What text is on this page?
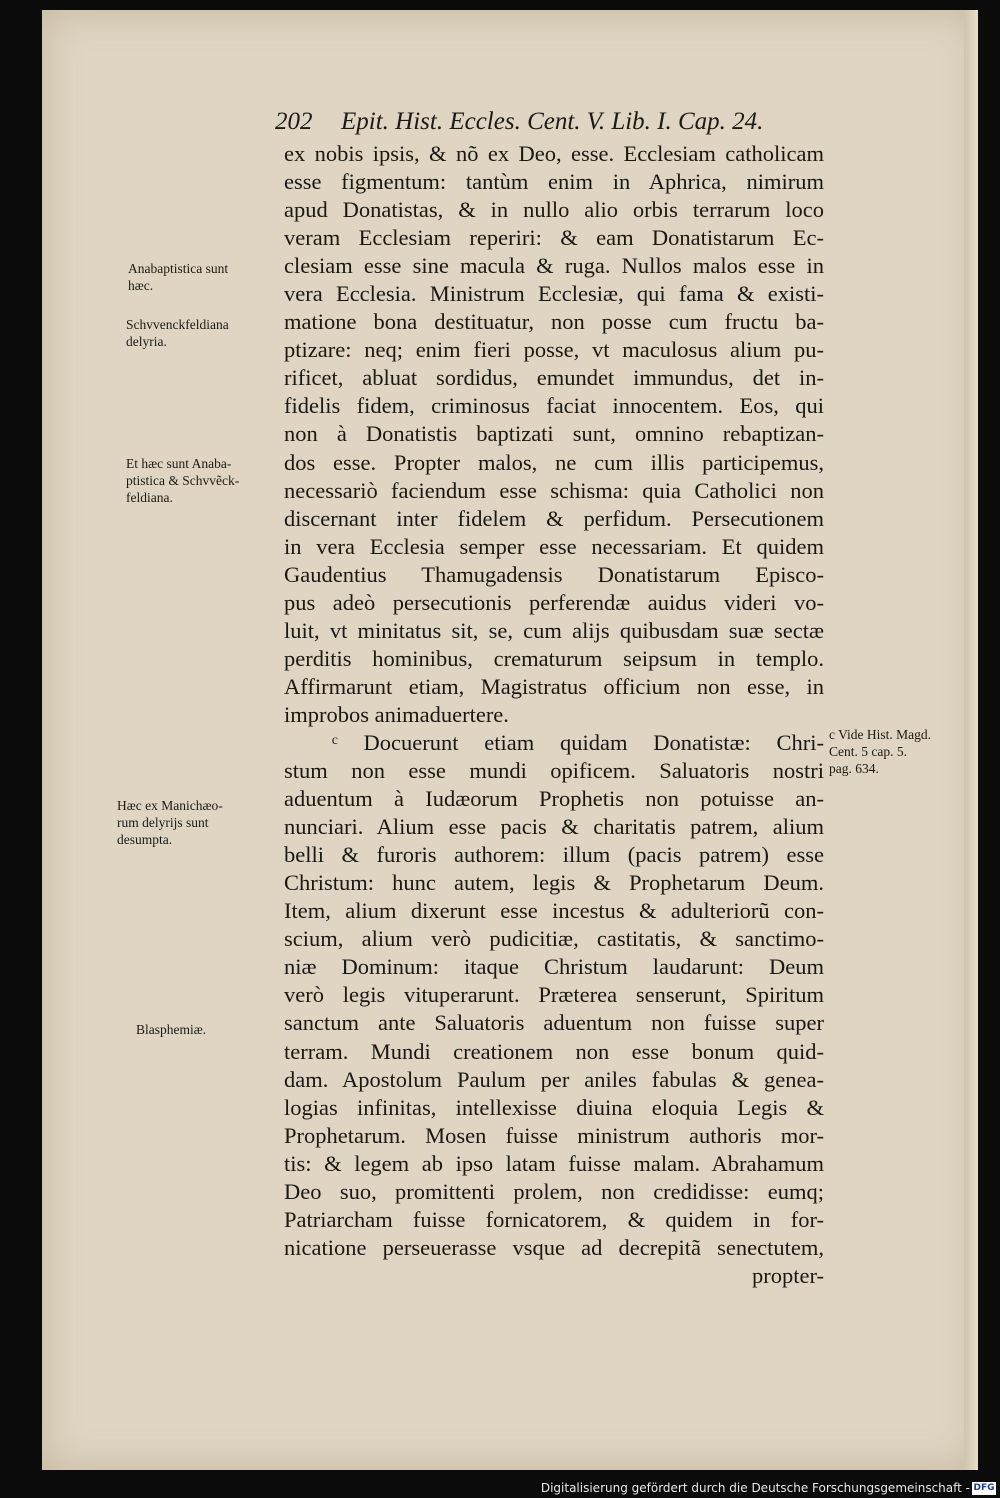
202 Epit. Hist. Eccles. Cent. V. Lib. I. Cap. 24.
ex nobis ipsis, & nõ ex Deo, esse. Ecclesiam catholicam
esse figmentum: tantùm enim in Aphrica, nimirum
apud Donatistas, & in nullo alio orbis terrarum loco
veram Ecclesiam reperiri: & eam Donatistarum Ec-
clesiam esse sine macula & ruga. Nullos malos esse in
vera Ecclesia. Ministrum Ecclesiæ, qui fama & existi-
matione bona destituatur, non posse cum fructu ba-
ptizare: neq; enim fieri posse, vt maculosus alium pu-
rificet, abluat sordidus, emundet immundus, det in-
fidelis fidem, criminosus faciat innocentem. Eos, qui
non à Donatistis baptizati sunt, omnino rebaptizan-
dos esse. Propter malos, ne cum illis participemus,
necessariò faciendum esse schisma: quia Catholici non
discernant inter fidelem & perfidum. Persecutionem
in vera Ecclesia semper esse necessariam. Et quidem
Gaudentius Thamugadensis Donatistarum Episco-
pus adeò persecutionis perferendæ auidus videri vo-
luit, vt minitatus sit, se, cum alijs quibusdam suæ sectæ
perditis hominibus, crematurum seipsum in templo.
Affirmarunt etiam, Magistratus officium non esse, in
improbos animaduertere.
ᶜ Docuerunt etiam quidam Donatistæ: Chri-
stum non esse mundi opificem. Saluatoris nostri
aduentum à Iudæorum Prophetis non potuisse an-
nunciari. Alium esse pacis & charitatis patrem, alium
belli & furoris authorem: illum (pacis patrem) esse
Christum: hunc autem, legis & Prophetarum Deum.
Item, alium dixerunt esse incestus & adulteriorũ con-
scium, alium verò pudicitiæ, castitatis, & sanctimo-
niæ Dominum: itaque Christum laudarunt: Deum
verò legis vituperarunt. Præterea senserunt, Spiritum
sanctum ante Saluatoris aduentum non fuisse super
terram. Mundi creationem non esse bonum quid-
dam. Apostolum Paulum per aniles fabulas & genea-
logias infinitas, intellexisse diuina eloquia Legis &
Prophetarum. Mosen fuisse ministrum authoris mor-
tis: & legem ab ipso latam fuisse malam. Abrahamum
Deo suo, promittenti prolem, non credidisse: eumq;
Patriarcham fuisse fornicatorem, & quidem in for-
nicatione perseuerasse vsque ad decrepitã senectutem,
propter-
Anabaptistica sunt
hæc.
Schvvenckfeldiana
delyria.
Et hæc sunt Anaba-
ptistica & Schvvẽck-
feldiana.
Hæc ex Manichæo-
rum delyrijs sunt
desumpta.
Blasphemiæ.
c Vide Hist. Magd.
Cent. 5 cap. 5.
pag. 634.
Digitalisierung gefördert durch die Deutsche Forschungsgemeinschaft - DFG
